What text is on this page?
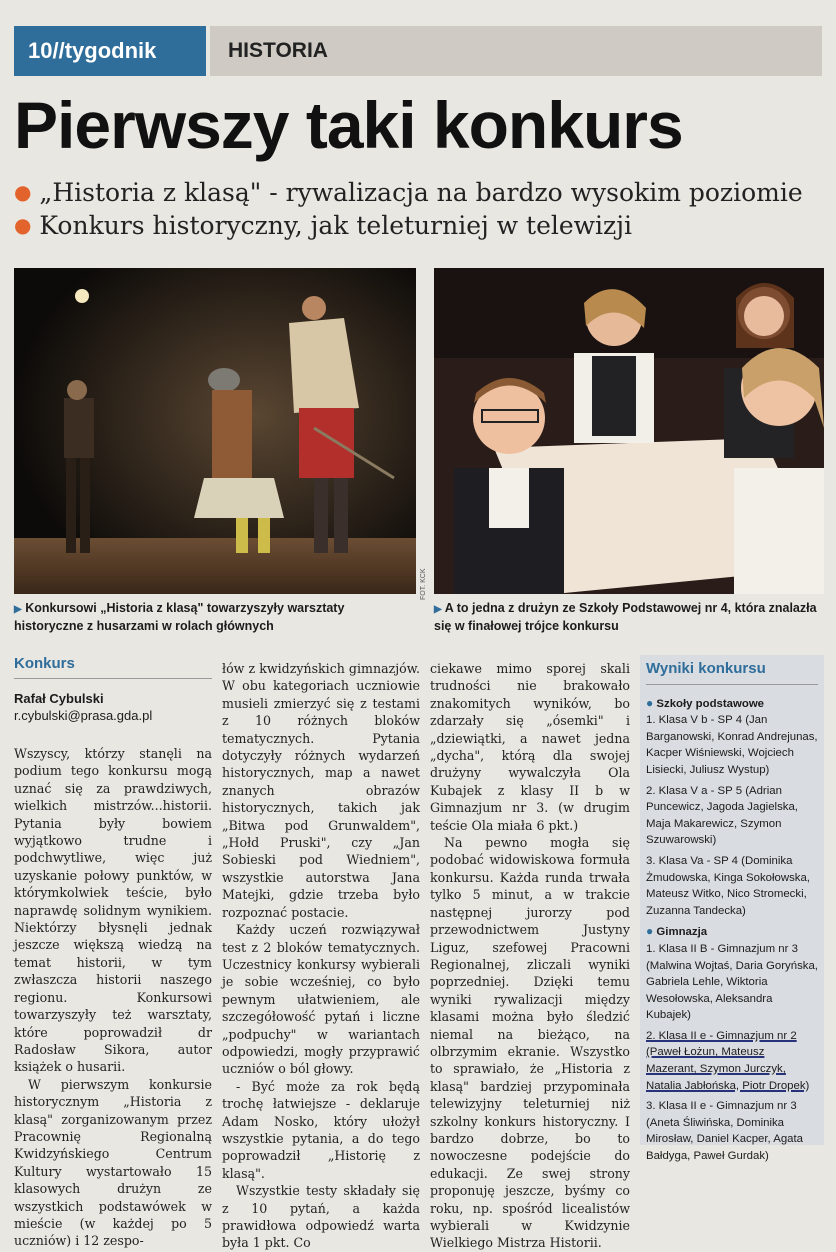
10//tygodnik	HISTORIA
Pierwszy taki konkurs
● „Historia z klasą" - rywalizacja na bardzo wysokim poziomie ● Konkurs historyczny, jak teleturniej w telewizji
FOT. KCK
▶ Konkursowi „Historia z klasą" towarzyszyły warsztaty historyczne z husarzami w rolach głównych
▶ A to jedna z drużyn ze Szkoły Podstawowej nr 4, która znalazła się w finałowej trójce konkursu
Konkurs
Rafał Cybulski
r.cybulski@prasa.gda.pl

Wszyscy, którzy stanęli na podium tego konkursu mogą uznać się za prawdziwych, wielkich mistrzów...historii. Pytania były bowiem wyjątkowo trudne i podchwytliwe, więc już uzyskanie połowy punktów, w którymkolwiek teście, było naprawdę solidnym wynikiem. Niektórzy błysnęli jednak jeszcze większą wiedzą na temat historii, w tym zwłaszcza historii naszego regionu. Konkursowi towarzyszyły też warsztaty, które poprowadził dr Radosław Sikora, autor książek o husarii.

W pierwszym konkursie historycznym „Historia z klasą" zorganizowanym przez Pracownię Regionalną Kwidzyńskiego Centrum Kultury wystartowało 15 klasowych drużyn ze wszystkich podstawówek w mieście (w każdej po 5 uczniów) i 12 zespo-

łów z kwidzyńskich gimnazjów. W obu kategoriach uczniowie musieli zmierzyć się z testami z 10 różnych bloków tematycznych. Pytania dotyczyły różnych wydarzeń historycznych, map a nawet znanych obrazów historycznych, takich jak „Bitwa pod Grunwaldem", „Hołd Pruski", czy „Jan Sobieski pod Wiedniem", wszystkie autorstwa Jana Matejki, gdzie trzeba było rozpoznać postacie.

Każdy uczeń rozwiązywał test z 2 bloków tematycznych. Uczestnicy konkursy wybierali je sobie wcześniej, co było pewnym ułatwieniem, ale szczegółowość pytań i liczne „podpuchy" w wariantach odpowiedzi, mogły przyprawić uczniów o ból głowy.

- Być może za rok będą trochę łatwiejsze - deklaruje Adam Nosko, który ułożył wszystkie pytania, a do tego poprowadził „Historię z klasą".

Wszystkie testy składały się z 10 pytań, a każda prawidłowa odpowiedź warta była 1 pkt. Co

ciekawe mimo sporej skali trudności nie brakowało znakomitych wyników, bo zdarzały się „ósemki" i „dziewiątki, a nawet jedna „dycha", którą dla swojej drużyny wywalczyła Ola Kubajek z klasy II b w Gimnazjum nr 3. (w drugim teście Ola miała 6 pkt.)

Na pewno mogła się podobać widowiskowa formuła konkursu. Każda runda trwała tylko 5 minut, a w trakcie następnej jurorzy pod przewodnictwem Justyny Liguz, szefowej Pracowni Regionalnej, zliczali wyniki poprzedniej. Dzięki temu wyniki rywalizacji między klasami można było śledzić niemal na bieżąco, na olbrzymim ekranie. Wszystko to sprawiało, że „Historia z klasą" bardziej przypominała telewizyjny teleturniej niż szkolny konkurs historyczny. I bardzo dobrze, bo to nowoczesne podejście do edukacji. Ze swej strony proponuję jeszcze, byśmy co roku, np. spośród licealistów wybierali w Kwidzynie Wielkiego Mistrza Historii.

Wyniki konkursu
● Szkoły podstawowe
1. Klasa V b - SP 4 (Jan Barganowski, Konrad Andrejunas, Kacper Wiśniewski, Wojciech Lisiecki, Juliusz Wystup)
2. Klasa V a - SP 5 (Adrian Puncewicz, Jagoda Jagielska, Maja Makarewicz, Szymon Szuwarowski)
3. Klasa Va - SP 4 (Dominika Żmudowska, Kinga Sokołowska, Mateusz Witko, Nico Stromecki, Zuzanna Tandecka)
● Gimnazja
1. Klasa II B - Gimnazjum nr 3 (Malwina Wojtaś, Daria Goryńska, Gabriela Lehle, Wiktoria Wesołowska, Aleksandra Kubajek)
2. Klasa II e - Gimnazjum nr 2 (Paweł Łożun, Mateusz Mazerant, Szymon Jurczyk, Natalia Jabłońska, Piotr Dropek)
3. Klasa II e - Gimnazjum nr 3 (Aneta Śliwińska, Dominika Mirosław, Daniel Kacper, Agata Bałdyga, Paweł Gurdak)
